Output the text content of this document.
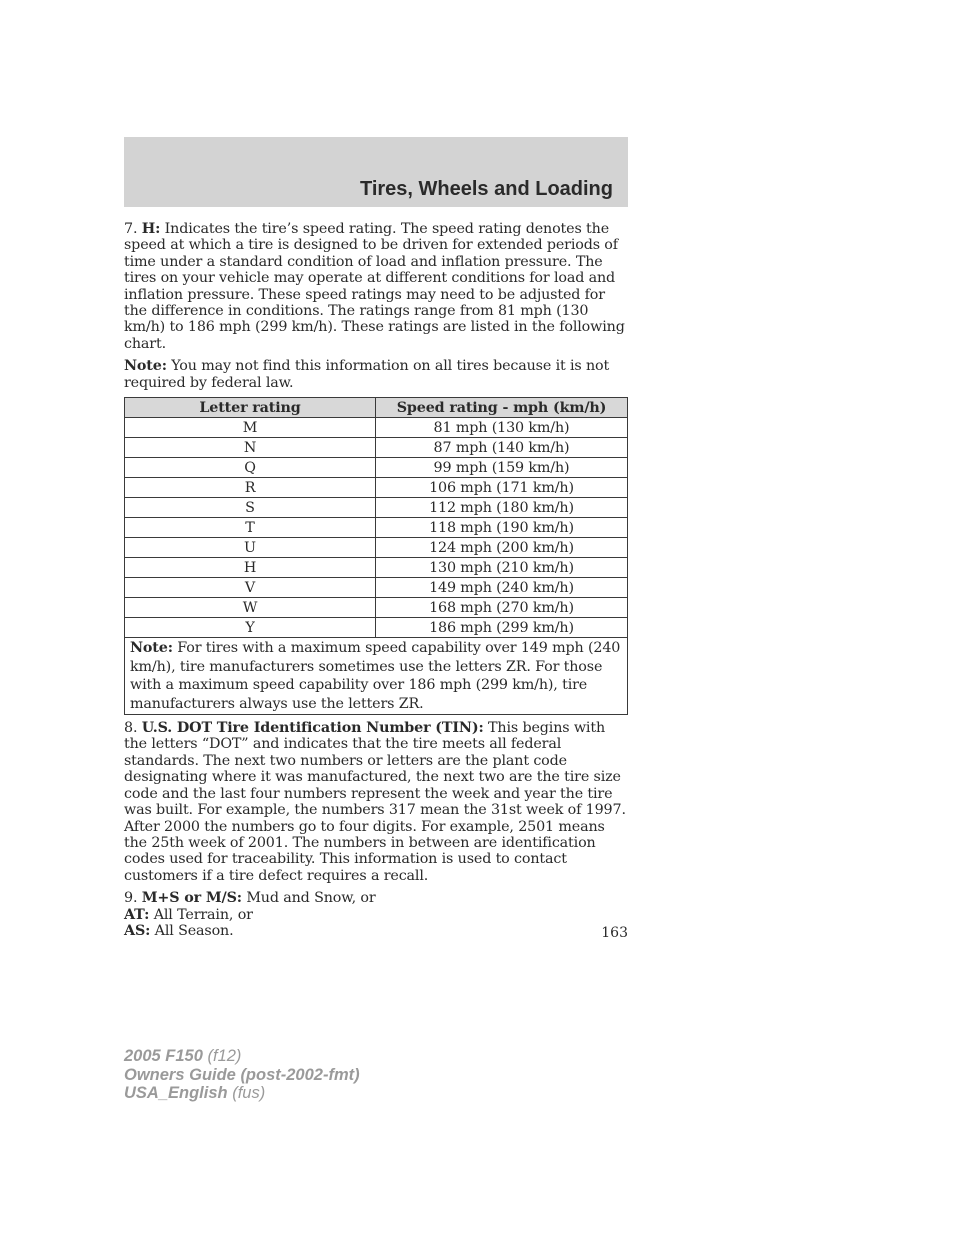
Tires, Wheels and Loading

7. H: Indicates the tire’s speed rating. The speed rating denotes the speed at which a tire is designed to be driven for extended periods of time under a standard condition of load and inflation pressure. The tires on your vehicle may operate at different conditions for load and inflation pressure. These speed ratings may need to be adjusted for the difference in conditions. The ratings range from 81 mph (130 km/h) to 186 mph (299 km/h). These ratings are listed in the following chart.

Note: You may not find this information on all tires because it is not required by federal law.

Letter rating	Speed rating - mph (km/h)
M	81 mph (130 km/h)
N	87 mph (140 km/h)
Q	99 mph (159 km/h)
R	106 mph (171 km/h)
S	112 mph (180 km/h)
T	118 mph (190 km/h)
U	124 mph (200 km/h)
H	130 mph (210 km/h)
V	149 mph (240 km/h)
W	168 mph (270 km/h)
Y	186 mph (299 km/h)
Note: For tires with a maximum speed capability over 149 mph (240 km/h), tire manufacturers sometimes use the letters ZR. For those with a maximum speed capability over 186 mph (299 km/h), tire manufacturers always use the letters ZR.	

8. U.S. DOT Tire Identification Number (TIN): This begins with the letters “DOT” and indicates that the tire meets all federal standards. The next two numbers or letters are the plant code designating where it was manufactured, the next two are the tire size code and the last four numbers represent the week and year the tire was built. For example, the numbers 317 mean the 31st week of 1997. After 2000 the numbers go to four digits. For example, 2501 means the 25th week of 2001. The numbers in between are identification codes used for traceability. This information is used to contact customers if a tire defect requires a recall.

9. M+S or M/S: Mud and Snow, or
AT: All Terrain, or
AS: All Season.	163
2005 F150 (f12)
Owners Guide (post-2002-fmt)
USA_English (fus)
